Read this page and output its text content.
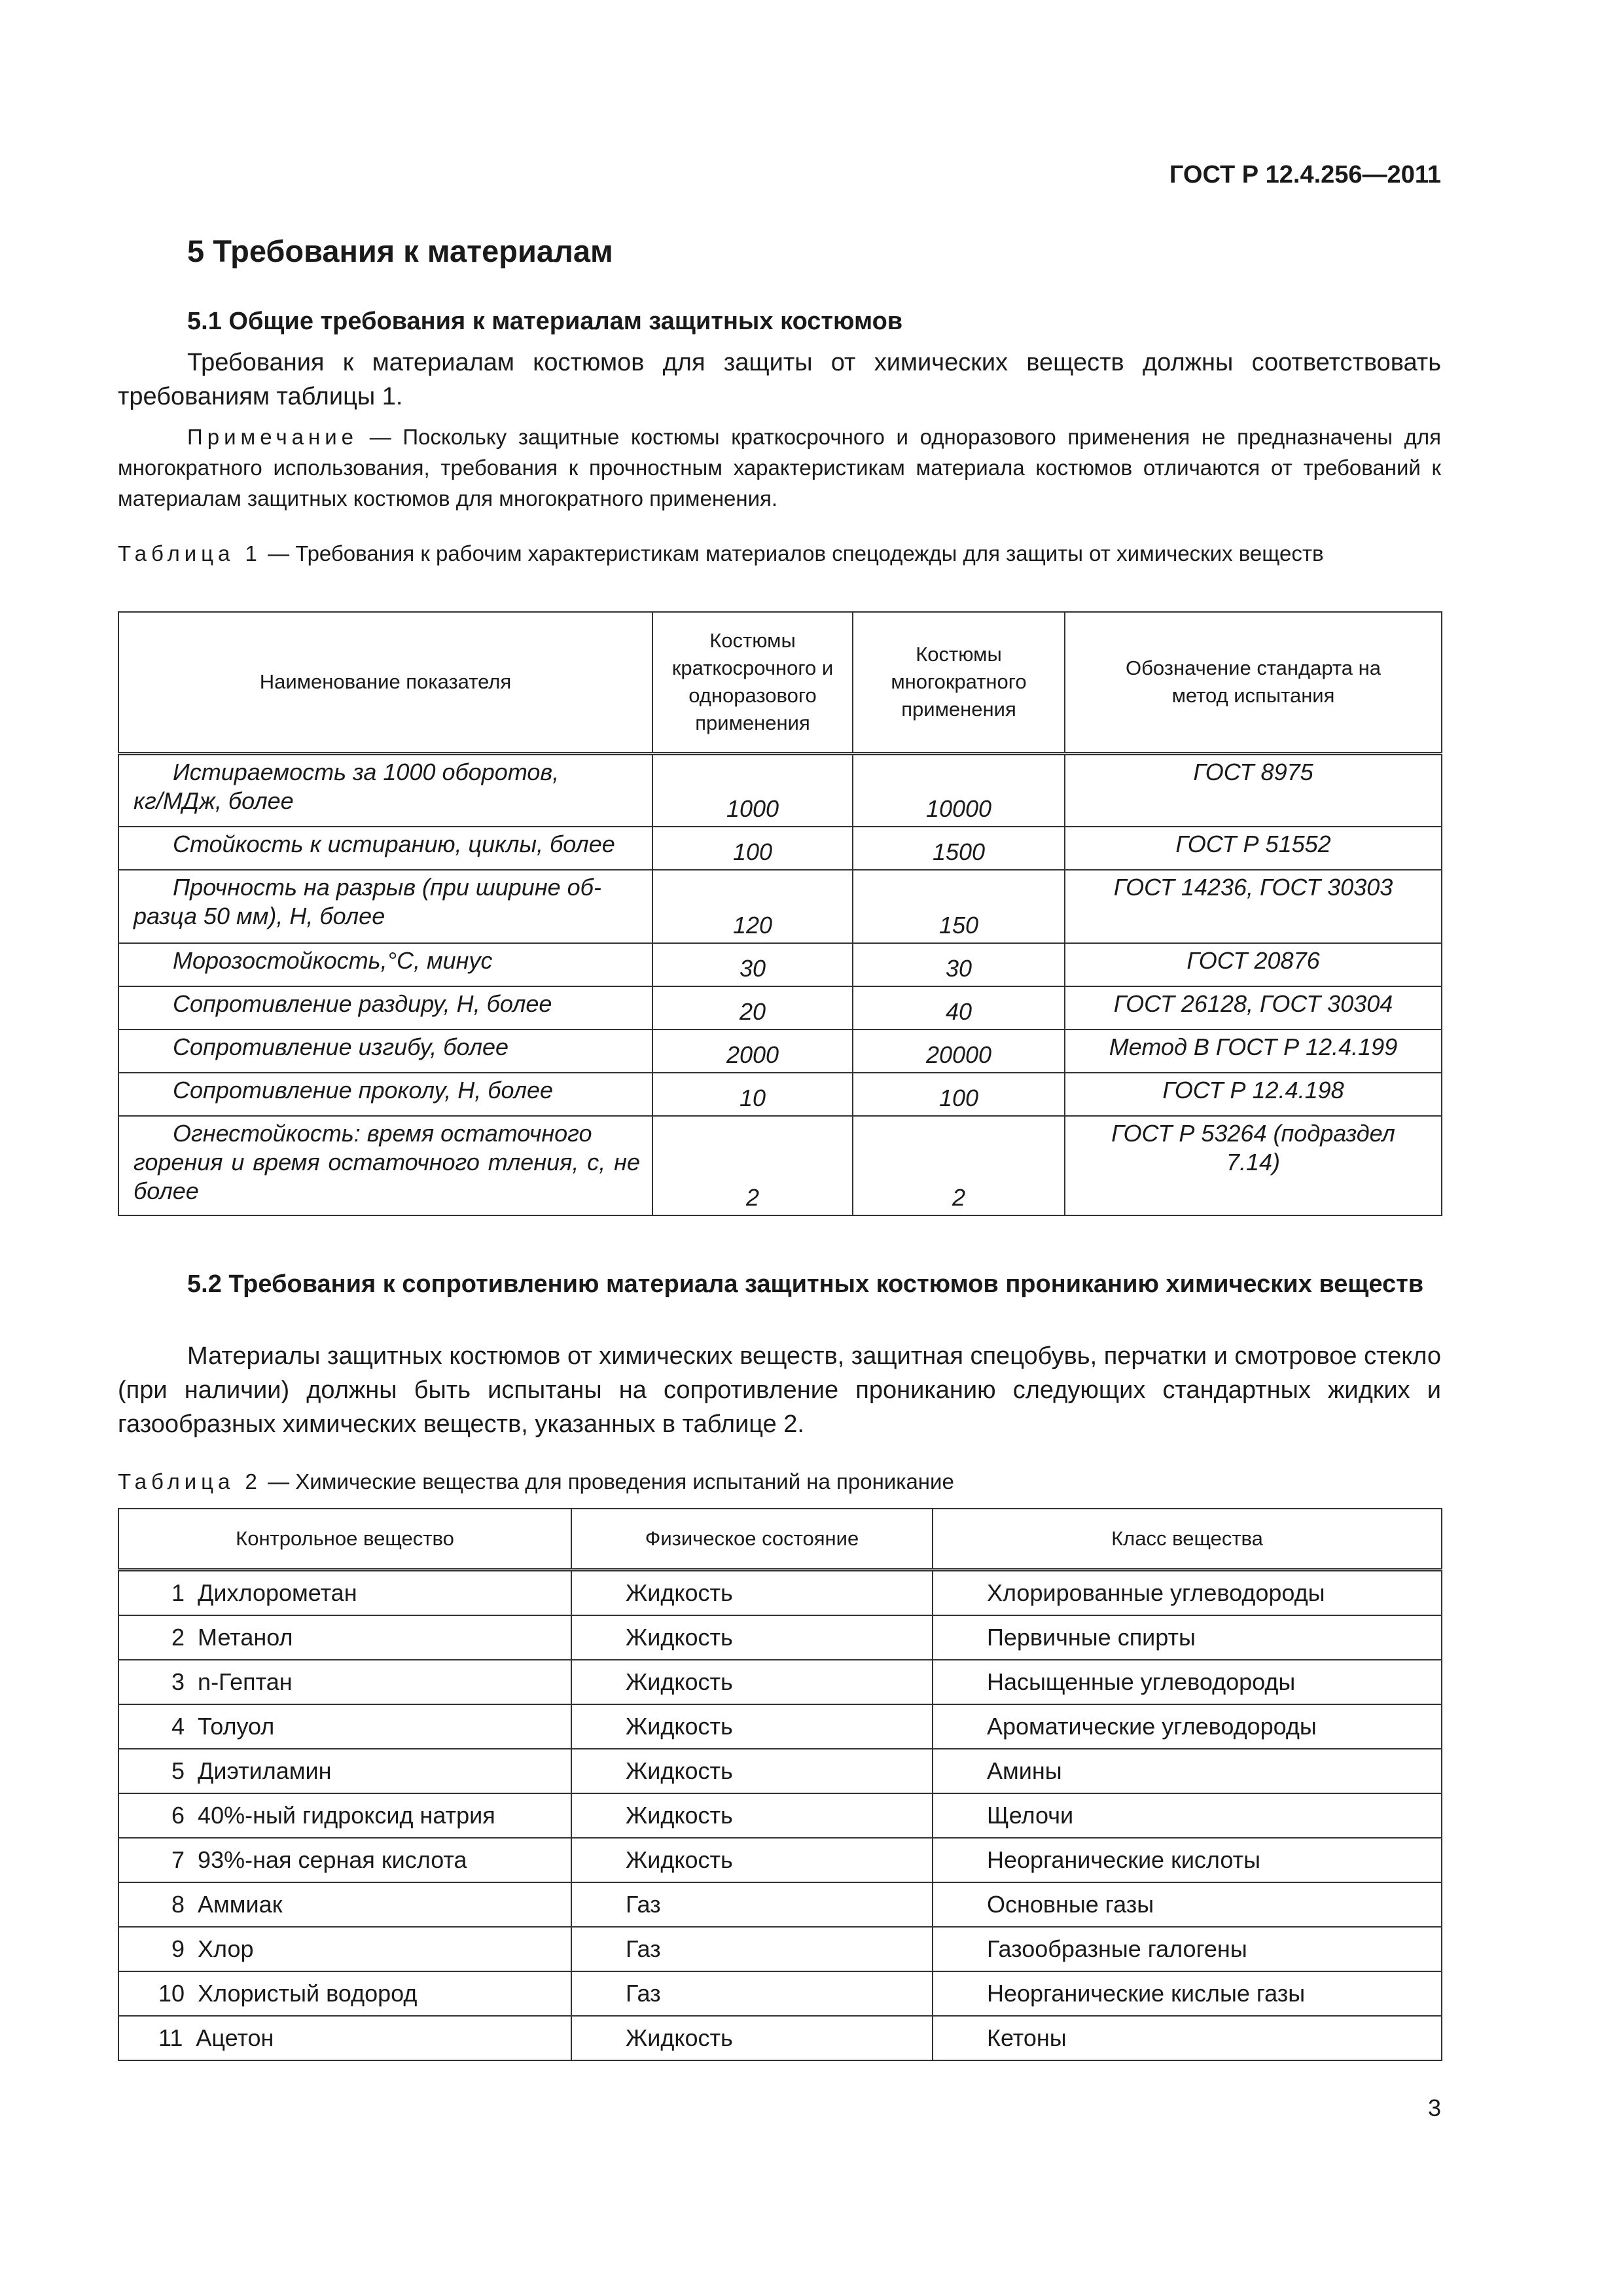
ГОСТ Р 12.4.256—2011
5 Требования к материалам
5.1 Общие требования к материалам защитных костюмов
Требования к материалам костюмов для защиты от химических веществ должны соответствовать требованиям таблицы 1.
Примечание — Поскольку защитные костюмы краткосрочного и одноразового применения не предназначены для многократного использования, требования к прочностным характеристикам материала костюмов отличаются от требований к материалам защитных костюмов для многократного применения.
Таблица 1 — Требования к рабочим характеристикам материалов спецодежды для защиты от химических веществ
Наименование показателя	Костюмы краткосрочного и одноразового применения	Костюмы многократного применения	Обозначение стандарта на метод испытания

Истираемость за 1000 оборотов,
кг/МДж, более	1000	10000	ГОСТ 8975

Стойкость к истиранию, циклы, более	100	1500	ГОСТ Р 51552

Прочность на разрыв (при ширине об-
разца 50 мм), Н, более	120	150	ГОСТ 14236, ГОСТ 30303

Морозостойкость,°С, минус	30	30	ГОСТ 20876

Сопротивление раздиру, Н, более	20	40	ГОСТ 26128, ГОСТ 30304

Сопротивление изгибу, более	2000	20000	Метод В ГОСТ Р 12.4.199

Сопротивление проколу, Н, более	10	100	ГОСТ Р 12.4.198

Огнестойкость: время остаточного
горения и время остаточного тления, с, не более	2	2	ГОСТ Р 53264 (подраздел 7.14)
5.2 Требования к сопротивлению материала защитных костюмов прониканию химических веществ
Материалы защитных костюмов от химических веществ, защитная спецобувь, перчатки и смотровое стекло (при наличии) должны быть испытаны на сопротивление прониканию следующих стандартных жидких и газообразных химических веществ, указанных в таблице 2.
Таблица 2 — Химические вещества для проведения испытаний на проникание
Контрольное вещество	Физическое состояние	Класс вещества
1 Дихлорометан	Жидкость	Хлорированные углеводороды
2 Метанол	Жидкость	Первичные спирты
3 n-Гептан	Жидкость	Насыщенные углеводороды
4 Толуол	Жидкость	Ароматические углеводороды
5 Диэтиламин	Жидкость	Амины
6 40%-ный гидроксид натрия	Жидкость	Щелочи
7 93%-ная серная кислота	Жидкость	Неорганические кислоты
8 Аммиак	Газ	Основные газы
9 Хлор	Газ	Газообразные галогены
10 Хлористый водород	Газ	Неорганические кислые газы
11 Ацетон	Жидкость	Кетоны
3
